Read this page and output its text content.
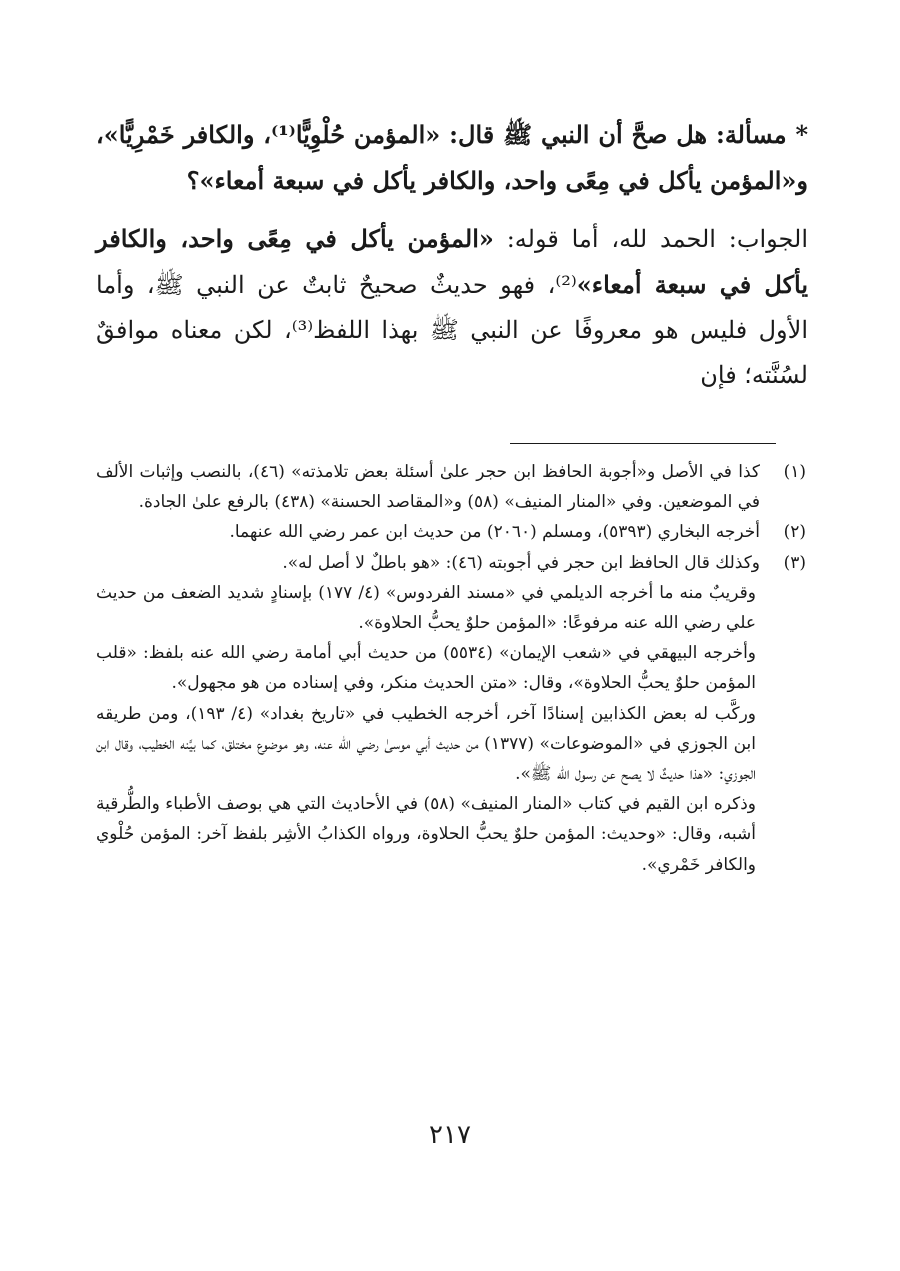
* مسألة: هل صحَّ أن النبي ﷺ قال: «المؤمن حُلْوِيًّا⁽¹⁾، والكافر خَمْرِيًّا»، و«المؤمن يأكل في مِعًى واحد، والكافر يأكل في سبعة أمعاء»؟

الجواب: الحمد لله، أما قوله: «المؤمن يأكل في مِعًى واحد، والكافر يأكل في سبعة أمعاء»⁽²⁾، فهو حديثٌ صحيحٌ ثابتٌ عن النبي ﷺ، وأما الأول فليس هو معروفًا عن النبي ﷺ بهذا اللفظ⁽³⁾، لكن معناه موافقٌ لسُنَّته؛ فإن

(١)

كذا في الأصل و«أجوبة الحافظ ابن حجر علىٰ أسئلة بعض تلامذته» (٤٦)، بالنصب وإثبات الألف في الموضعين. وفي «المنار المنيف» (٥٨) و«المقاصد الحسنة» (٤٣٨) بالرفع علىٰ الجادة.

(٢)

أخرجه البخاري (٥٣٩٣)، ومسلم (٢٠٦٠) من حديث ابن عمر رضي الله عنهما.

(٣)

وكذلك قال الحافظ ابن حجر في أجوبته (٤٦): «هو باطلٌ لا أصل له».

وقريبٌ منه ما أخرجه الديلمي في «مسند الفردوس» (٤/ ١٧٧) بإسنادٍ شديد الضعف من حديث علي رضي الله عنه مرفوعًا: «المؤمن حلوٌ يحبُّ الحلاوة».

وأخرجه البيهقي في «شعب الإيمان» (٥٥٣٤) من حديث أبي أمامة رضي الله عنه بلفظ: «قلب المؤمن حلوٌ يحبُّ الحلاوة»، وقال: «متن الحديث منكر، وفي إسناده من هو مجهول».

وركَّب له بعض الكذابين إسنادًا آخر، أخرجه الخطيب في «تاريخ بغداد» (٤/ ١٩٣)، ومن طريقه ابن الجوزي في «الموضوعات» (١٣٧٧) من حديث أبي موسىٰ رضي الله عنه، وهو موضوع مختلق، كما بيَّنه الخطيب، وقال ابن الجوزي: «هذا حديثٌ لا يصح عن رسول الله ﷺ».

وذكره ابن القيم في كتاب «المنار المنيف» (٥٨) في الأحاديث التي هي بوصف الأطباء والطُّرقية أشبه، وقال: «وحديث: المؤمن حلوٌ يحبُّ الحلاوة، ورواه الكذابُ الأشِر بلفظ آخر: المؤمن حُلْوي والكافر خَمْري».

٢١٧
